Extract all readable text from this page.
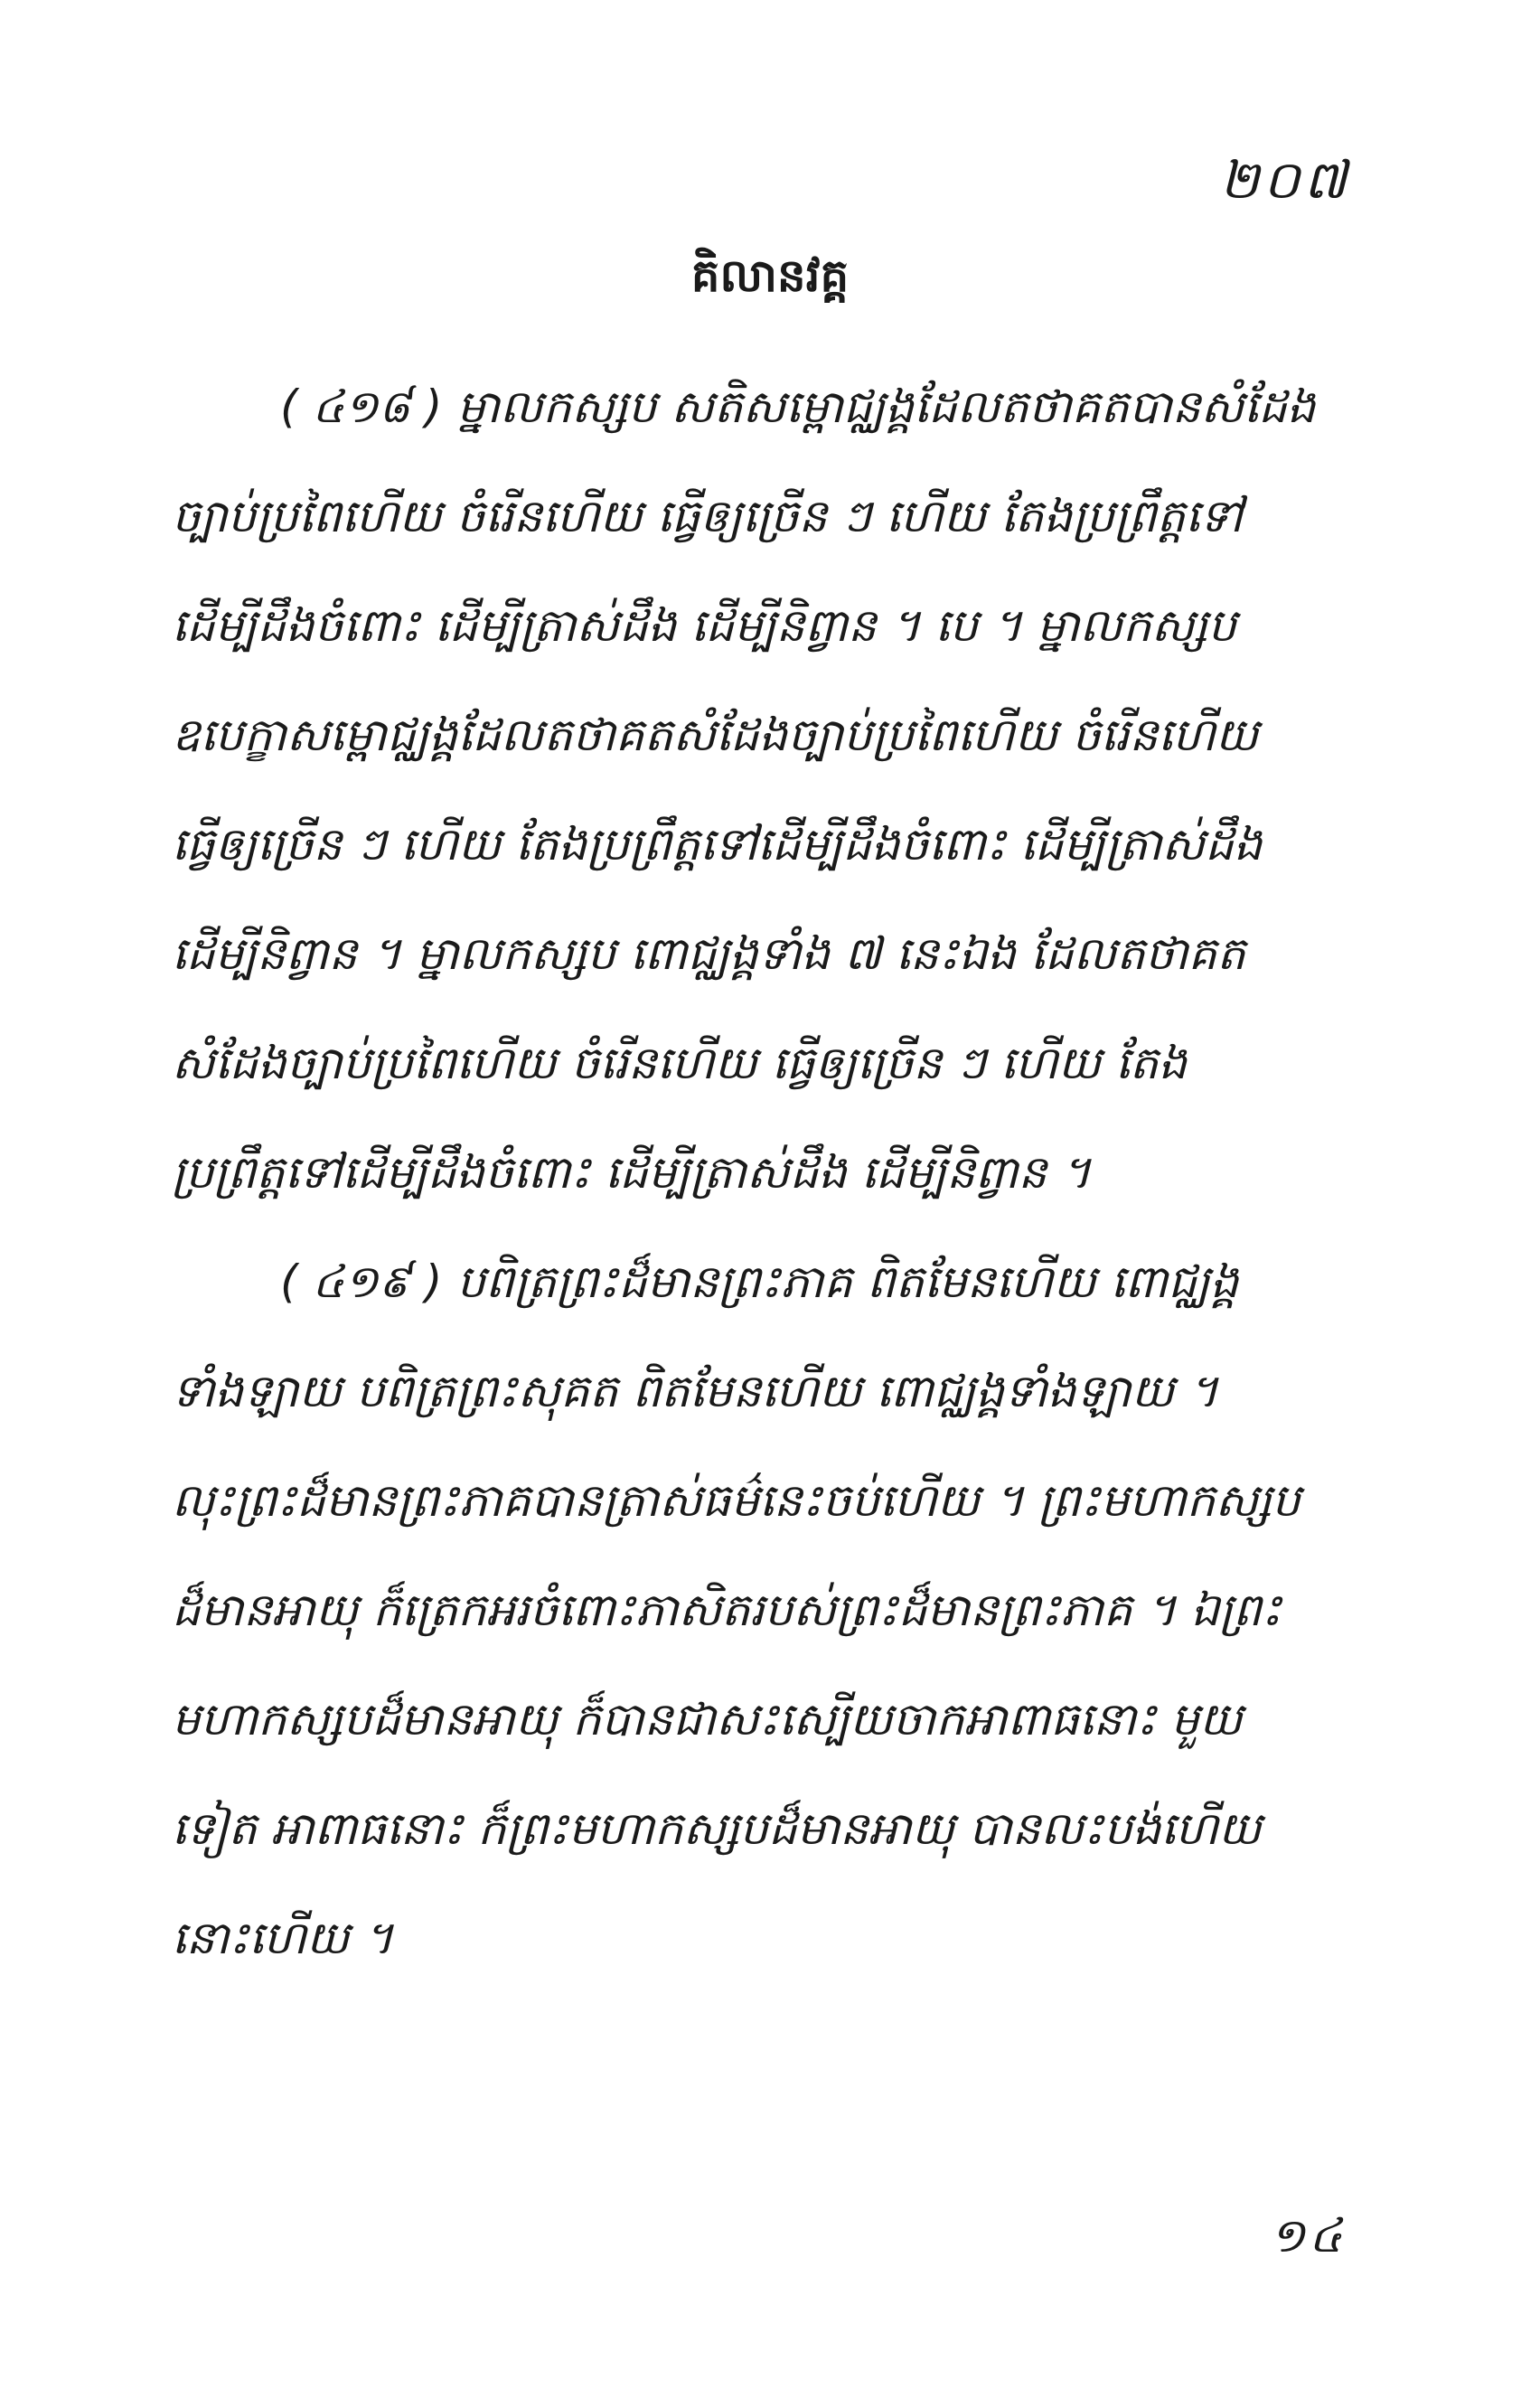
២០៧
គិលានវគ្គ
( ៤១៨ ) ម្នាលកស្សប សតិសម្ពោជ្ឈង្គដែលតថាគតបានសំដែង
ច្បាប់ប្រពៃហើយ ចំរើនហើយ ធ្វើឲ្យច្រើន ៗ ហើយ តែងប្រព្រឹត្តទៅ
ដើម្បីដឹងចំពោះ ដើម្បីត្រាស់ដឹង ដើម្បីនិព្វាន ។ បេ ។ ម្នាលកស្សប
ឧបេក្ខាសម្ពោជ្ឈង្គដែលតថាគតសំដែងច្បាប់ប្រពៃហើយ ចំរើនហើយ
ធ្វើឲ្យច្រើន ៗ ហើយ តែងប្រព្រឹត្តទៅដើម្បីដឹងចំពោះ ដើម្បីត្រាស់ដឹង
ដើម្បីនិព្វាន ។ ម្នាលកស្សប ពោជ្ឈង្គទាំង ៧ នេះឯង ដែលតថាគត
សំដែងច្បាប់ប្រពៃហើយ ចំរើនហើយ ធ្វើឲ្យច្រើន ៗ ហើយ តែង
ប្រព្រឹត្តទៅដើម្បីដឹងចំពោះ ដើម្បីត្រាស់ដឹង ដើម្បីនិព្វាន ។
( ៤១៩ ) បពិត្រព្រះដ៏មានព្រះភាគ ពិតមែនហើយ ពោជ្ឈង្គ
ទាំងឡាយ បពិត្រព្រះសុគត ពិតមែនហើយ ពោជ្ឈង្គទាំងឡាយ ។
លុះព្រះដ៏មានព្រះភាគបានត្រាស់ធម៌នេះចប់ហើយ ។ ព្រះមហាកស្សប
ដ៏មានអាយុ ក៏ត្រេកអរចំពោះភាសិតរបស់ព្រះដ៏មានព្រះភាគ ។ ឯព្រះ
មហាកស្សបដ៏មានអាយុ ក៏បានជាសះស្បើយចាកអាពាធនោះ មួយ
ទៀត អាពាធនោះ ក៏ព្រះមហាកស្សបដ៏មានអាយុ បានលះបង់ហើយ
នោះហើយ ។
១៤
